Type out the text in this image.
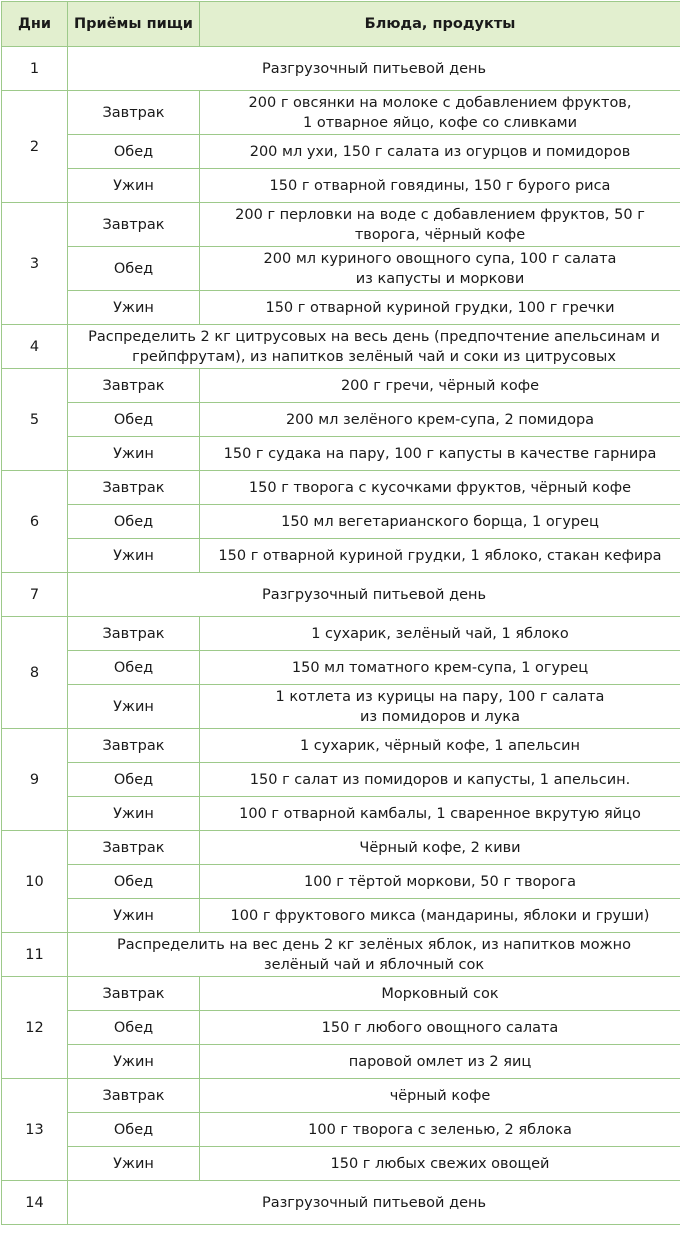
Дни	Приёмы пищи	Блюда, продукты
1	Разгрузочный питьевой день	
2	Завтрак	200 г овсянки на молоке с добавлением фруктов,
1 отварное яйцо, кофе со сливками
	Обед	200 мл ухи, 150 г салата из огурцов и помидоров
	Ужин	150 г отварной говядины, 150 г бурого риса
3	Завтрак	200 г перловки на воде с добавлением фруктов, 50 г
творога, чёрный кофе
	Обед	200 мл куриного овощного супа, 100 г салата
из капусты и моркови
	Ужин	150 г отварной куриной грудки, 100 г гречки
4	Распределить 2 кг цитрусовых на весь день (предпочтение апельсинам и
грейпфрутам), из напитков зелёный чай и соки из цитрусовых	
5	Завтрак	200 г гречи, чёрный кофе
	Обед	200 мл зелёного крем-супа, 2 помидора
	Ужин	150 г судака на пару, 100 г капусты в качестве гарнира
6	Завтрак	150 г творога с кусочками фруктов, чёрный кофе
	Обед	150 мл вегетарианского борща, 1 огурец
	Ужин	150 г отварной куриной грудки, 1 яблоко, стакан кефира
7	Разгрузочный питьевой день	
8	Завтрак	1 сухарик, зелёный чай, 1 яблоко
	Обед	150 мл томатного крем-супа, 1 огурец
	Ужин	1 котлета из курицы на пару, 100 г салата
из помидоров и лука
9	Завтрак	1 сухарик, чёрный кофе, 1 апельсин
	Обед	150 г салат из помидоров и капусты, 1 апельсин.
	Ужин	100 г отварной камбалы, 1 сваренное вкрутую яйцо
10	Завтрак	Чёрный кофе, 2 киви
	Обед	100 г тёртой моркови, 50 г творога
	Ужин	100 г фруктового микса (мандарины, яблоки и груши)
11	Распределить на вес день 2 кг зелёных яблок, из напитков можно
зелёный чай и яблочный сок	
12	Завтрак	Морковный сок
	Обед	150 г любого овощного салата
	Ужин	паровой омлет из 2 яиц
13	Завтрак	чёрный кофе
	Обед	100 г творога с зеленью, 2 яблока
	Ужин	150 г любых свежих овощей
14	Разгрузочный питьевой день	
